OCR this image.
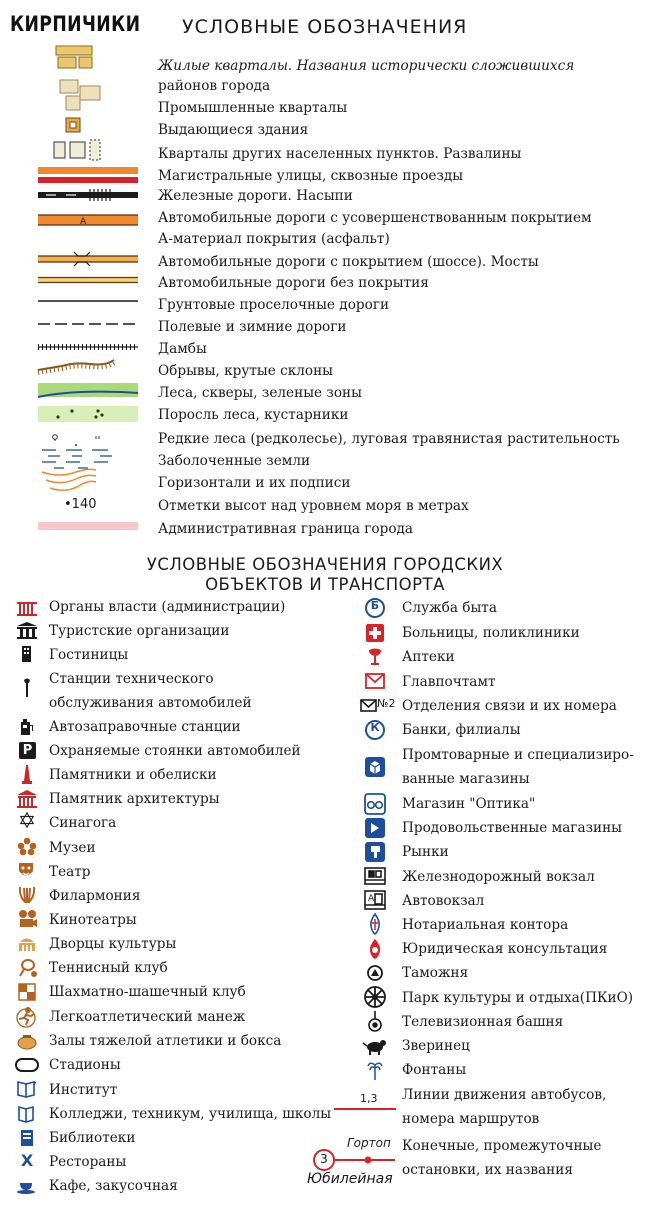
КИРПИЧИКИ УСЛОВНЫЕ ОБОЗНАЧЕНИЯ
Жилые кварталы. Названия исторически сложившихся
районов города
Промышленные кварталы
Выдающиеся здания
Кварталы других населенных пунктов. Развалины
Магистральные улицы, сквозные проезды
Железные дороги. Насыпи
А	Автомобильные дороги с усовершенствованным покрытием
А-материал покрытия (асфальт)
Автомобильные дороги с покрытием (шоссе). Мосты
Автомобильные дороги без покрытия
Грунтовые проселочные дороги
Полевые и зимние дороги
Дамбы
Обрывы, крутые склоны
Леса, скверы, зеленые зоны
Поросль леса, кустарники
Редкие леса (редколесье), луговая травянистая растительность
Заболоченные земли
Горизонтали и их подписи
•140	Отметки высот над уровнем моря в метрах
Административная граница города
УСЛОВНЫЕ ОБОЗНАЧЕНИЯ ГОРОДСКИХ
ОБЪЕКТОВ И ТРАНСПОРТА
Органы власти (администрации)
Туристские организации
Гостиницы
Станции технического
обслуживания автомобилей
Автозаправочные станции
P Охраняемые стоянки автомобилей
Памятники и обелиски
Памятник архитектуры
✡ Синагога
Музеи
Театр
Филармония
Кинотеатры
Дворцы культуры
Теннисный клуб
Шахматно-шашечный клуб
Легкоатлетический манеж
Залы тяжелой атлетики и бокса
Стадионы
Институт
Колледжи, техникум, училища, школы
Библиотеки
Х	Рестораны
Кафе, закусочная
Б	Служба быта
Больницы, поликлиники
Аптеки
Главпочтамт
№2 Отделения связи и их номера
К	Банки, филиалы
Промтоварные и специализиро-
ванные магазины
Магазин "Оптика"
Продовольственные магазины
Рынки
Железнодорожный вокзал
А Автовокзал
Нотариальная контора
Юридическая консультация
Таможня
Парк культуры и отдыха(ПКиО)
Телевизионная башня
Зверинец
Фонтаны
1,3 Линии движения автобусов,
номера маршрутов
Гортоп
3
Юбилейная
Конечные, промежуточные
остановки, их названия
